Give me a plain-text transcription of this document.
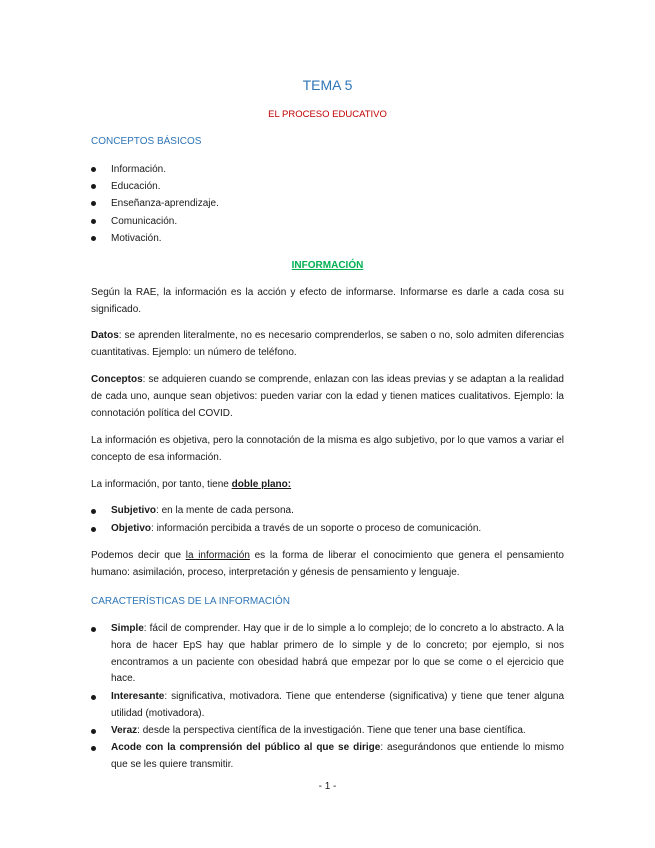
TEMA 5
EL PROCESO EDUCATIVO
CONCEPTOS BÁSICOS
Información.
Educación.
Enseñanza-aprendizaje.
Comunicación.
Motivación.
INFORMACIÓN
Según la RAE, la información es la acción y efecto de informarse. Informarse es darle a cada cosa su significado.
Datos: se aprenden literalmente, no es necesario comprenderlos, se saben o no, solo admiten diferencias cuantitativas. Ejemplo: un número de teléfono.
Conceptos: se adquieren cuando se comprende, enlazan con las ideas previas y se adaptan a la realidad de cada uno, aunque sean objetivos: pueden variar con la edad y tienen matices cualitativos. Ejemplo: la connotación política del COVID.
La información es objetiva, pero la connotación de la misma es algo subjetivo, por lo que vamos a variar el concepto de esa información.
La información, por tanto, tiene doble plano:
Subjetivo: en la mente de cada persona.
Objetivo: información percibida a través de un soporte o proceso de comunicación.
Podemos decir que la información es la forma de liberar el conocimiento que genera el pensamiento humano: asimilación, proceso, interpretación y génesis de pensamiento y lenguaje.
CARACTERÍSTICAS DE LA INFORMACIÓN
Simple: fácil de comprender. Hay que ir de lo simple a lo complejo; de lo concreto a lo abstracto. A la hora de hacer EpS hay que hablar primero de lo simple y de lo concreto; por ejemplo, si nos encontramos a un paciente con obesidad habrá que empezar por lo que se come o el ejercicio que hace.
Interesante: significativa, motivadora. Tiene que entenderse (significativa) y tiene que tener alguna utilidad (motivadora).
Veraz: desde la perspectiva científica de la investigación. Tiene que tener una base científica.
Acode con la comprensión del público al que se dirige: asegurándonos que entiende lo mismo que se les quiere transmitir.
- 1 -
